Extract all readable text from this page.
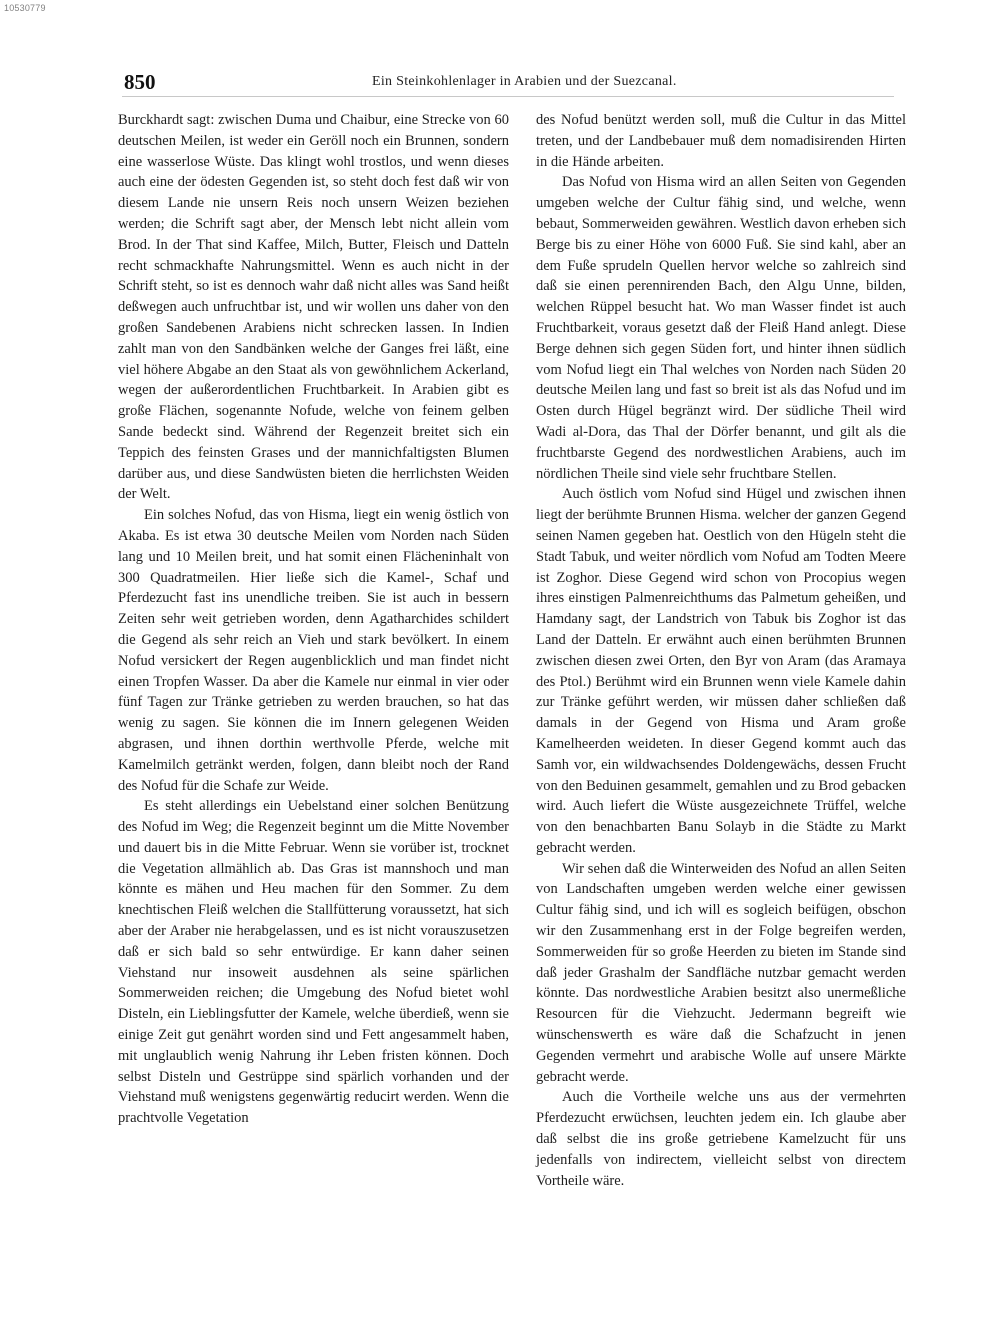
10530779
850	Ein Steinkohlenlager in Arabien und der Suezcanal.

Burckhardt sagt: zwischen Duma und Chaibur, eine Strecke von 60 deutschen Meilen, ist weder ein Geröll noch ein Brunnen, sondern eine wasserlose Wüste. Das klingt wohl trostlos, und wenn dieses auch eine der ödesten Gegenden ist, so steht doch fest daß wir von diesem Lande nie unsern Reis noch unsern Weizen beziehen werden; die Schrift sagt aber, der Mensch lebt nicht allein vom Brod. In der That sind Kaffee, Milch, Butter, Fleisch und Datteln recht schmackhafte Nahrungsmittel. Wenn es auch nicht in der Schrift steht, so ist es dennoch wahr daß nicht alles was Sand heißt deßwegen auch unfruchtbar ist, und wir wollen uns daher von den großen Sandebenen Arabiens nicht schrecken lassen. In Indien zahlt man von den Sandbänken welche der Ganges frei läßt, eine viel höhere Abgabe an den Staat als von gewöhnlichem Ackerland, wegen der außerordentlichen Fruchtbarkeit. In Arabien gibt es große Flächen, sogenannte Nofude, welche von feinem gelben Sande bedeckt sind. Während der Regenzeit breitet sich ein Teppich des feinsten Grases und der mannichfaltigsten Blumen darüber aus, und diese Sandwüsten bieten die herrlichsten Weiden der Welt.

Ein solches Nofud, das von Hisma, liegt ein wenig östlich von Akaba. Es ist etwa 30 deutsche Meilen vom Norden nach Süden lang und 10 Meilen breit, und hat somit einen Flächeninhalt von 300 Quadratmeilen. Hier ließe sich die Kamel-, Schaf und Pferdezucht fast ins unendliche treiben. Sie ist auch in bessern Zeiten sehr weit getrieben worden, denn Agatharchides schildert die Gegend als sehr reich an Vieh und stark bevölkert. In einem Nofud versickert der Regen augenblicklich und man findet nicht einen Tropfen Wasser. Da aber die Kamele nur einmal in vier oder fünf Tagen zur Tränke getrieben zu werden brauchen, so hat das wenig zu sagen. Sie können die im Innern gelegenen Weiden abgrasen, und ihnen dorthin werthvolle Pferde, welche mit Kamelmilch getränkt werden, folgen, dann bleibt noch der Rand des Nofud für die Schafe zur Weide.

Es steht allerdings ein Uebelstand einer solchen Benützung des Nofud im Weg; die Regenzeit beginnt um die Mitte November und dauert bis in die Mitte Februar. Wenn sie vorüber ist, trocknet die Vegetation allmählich ab. Das Gras ist mannshoch und man könnte es mähen und Heu machen für den Sommer. Zu dem knechtischen Fleiß welchen die Stallfütterung voraussetzt, hat sich aber der Araber nie herabgelassen, und es ist nicht vorauszusetzen daß er sich bald so sehr entwürdige. Er kann daher seinen Viehstand nur insoweit ausdehnen als seine spärlichen Sommerweiden reichen; die Umgebung des Nofud bietet wohl Disteln, ein Lieblingsfutter der Kamele, welche überdieß, wenn sie einige Zeit gut genährt worden sind und Fett angesammelt haben, mit unglaublich wenig Nahrung ihr Leben fristen können. Doch selbst Disteln und Gestrüppe sind spärlich vorhanden und der Viehstand muß wenigstens gegenwärtig reducirt werden. Wenn die prachtvolle Vegetation

des Nofud benützt werden soll, muß die Cultur in das Mittel treten, und der Landbebauer muß dem nomadisirenden Hirten in die Hände arbeiten.

Das Nofud von Hisma wird an allen Seiten von Gegenden umgeben welche der Cultur fähig sind, und welche, wenn bebaut, Sommerweiden gewähren. Westlich davon erheben sich Berge bis zu einer Höhe von 6000 Fuß. Sie sind kahl, aber an dem Fuße sprudeln Quellen hervor welche so zahlreich sind daß sie einen perennirenden Bach, den Algu Unne, bilden, welchen Rüppel besucht hat. Wo man Wasser findet ist auch Fruchtbarkeit, voraus gesetzt daß der Fleiß Hand anlegt. Diese Berge dehnen sich gegen Süden fort, und hinter ihnen südlich vom Nofud liegt ein Thal welches von Norden nach Süden 20 deutsche Meilen lang und fast so breit ist als das Nofud und im Osten durch Hügel begränzt wird. Der südliche Theil wird Wadi al-Dora, das Thal der Dörfer benannt, und gilt als die fruchtbarste Gegend des nordwestlichen Arabiens, auch im nördlichen Theile sind viele sehr fruchtbare Stellen.

Auch östlich vom Nofud sind Hügel und zwischen ihnen liegt der berühmte Brunnen Hisma. welcher der ganzen Gegend seinen Namen gegeben hat. Oestlich von den Hügeln steht die Stadt Tabuk, und weiter nördlich vom Nofud am Todten Meere ist Zoghor. Diese Gegend wird schon von Procopius wegen ihres einstigen Palmenreichthums das Palmetum geheißen, und Hamdany sagt, der Landstrich von Tabuk bis Zoghor ist das Land der Datteln. Er erwähnt auch einen berühmten Brunnen zwischen diesen zwei Orten, den Byr von Aram (das Aramaya des Ptol.) Berühmt wird ein Brunnen wenn viele Kamele dahin zur Tränke geführt werden, wir müssen daher schließen daß damals in der Gegend von Hisma und Aram große Kamelheerden weideten. In dieser Gegend kommt auch das Samh vor, ein wildwachsendes Doldengewächs, dessen Frucht von den Beduinen gesammelt, gemahlen und zu Brod gebacken wird. Auch liefert die Wüste ausgezeichnete Trüffel, welche von den benachbarten Banu Solayb in die Städte zu Markt gebracht werden.

Wir sehen daß die Winterweiden des Nofud an allen Seiten von Landschaften umgeben werden welche einer gewissen Cultur fähig sind, und ich will es sogleich beifügen, obschon wir den Zusammenhang erst in der Folge begreifen werden, Sommerweiden für so große Heerden zu bieten im Stande sind daß jeder Grashalm der Sandfläche nutzbar gemacht werden könnte. Das nordwestliche Arabien besitzt also unermeßliche Resourcen für die Viehzucht. Jedermann begreift wie wünschenswerth es wäre daß die Schafzucht in jenen Gegenden vermehrt und arabische Wolle auf unsere Märkte gebracht werde.

Auch die Vortheile welche uns aus der vermehrten Pferdezucht erwüchsen, leuchten jedem ein. Ich glaube aber daß selbst die ins große getriebene Kamelzucht für uns jedenfalls von indirectem, vielleicht selbst von directem Vortheile wäre.
